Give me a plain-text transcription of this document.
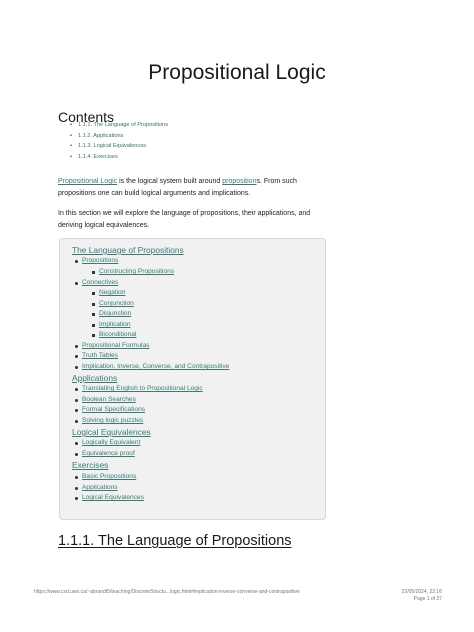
Propositional Logic
Contents
• 1.1.1. The Language of Propositions
• 1.1.2. Applications
• 1.1.3. Logical Equivalences
• 1.1.4. Exercises

Propositional Logic is the logical system built around propositions. From such propositions one can build logical arguments and implications.

In this section we will explore the language of propositions, their applications, and deriving logical equivalences.

The Language of Propositions
Propositions
Constructing Propositions
Connectives
Negation
Conjunction
Disjunction
Implication
Biconditional
Propositional Formulas
Truth Tables
Implication, Inverse, Converse, and Contrapositive
Applications
Translating English to Propositional Logic
Boolean Searches
Formal Specifications
Solving logic puzzles
Logical Equivalences
Logically Equivalent
Equivalence proof
Exercises
Basic Propositions
Applications
Logical Equivalences
1.1.1. The Language of Propositions
https://www.csd.uwo.ca/~abrandt5/teaching/DiscreteStructu...logic.html#implication-inverse-converse-and-contrapositive	22/05/2024, 22:16
Page 1 of 27
